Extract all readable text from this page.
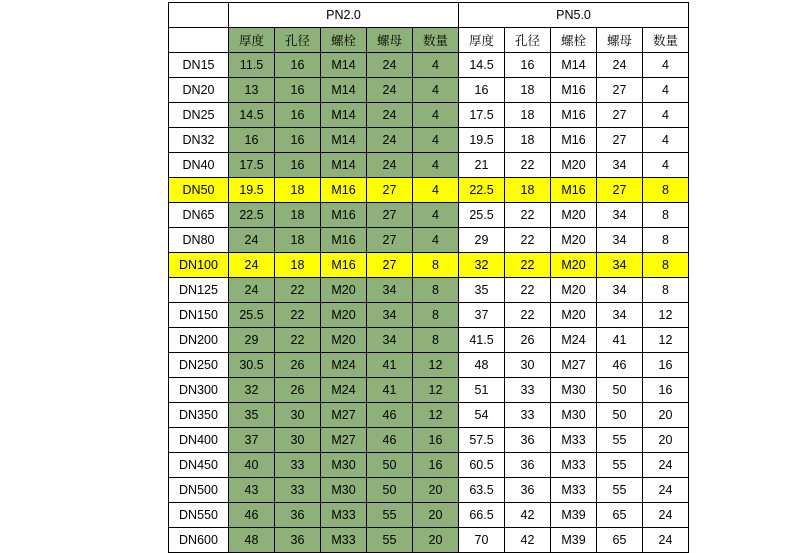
	PN2.0					PN5.0				
	厚度	孔径	螺栓	螺母	数量	厚度	孔径	螺栓	螺母	数量
DN15	11.5	16	M14	24	4	14.5	16	M14	24	4
DN20	13	16	M14	24	4	16	18	M16	27	4
DN25	14.5	16	M14	24	4	17.5	18	M16	27	4
DN32	16	16	M14	24	4	19.5	18	M16	27	4
DN40	17.5	16	M14	24	4	21	22	M20	34	4
DN50	19.5	18	M16	27	4	22.5	18	M16	27	8
DN65	22.5	18	M16	27	4	25.5	22	M20	34	8
DN80	24	18	M16	27	4	29	22	M20	34	8
DN100	24	18	M16	27	8	32	22	M20	34	8
DN125	24	22	M20	34	8	35	22	M20	34	8
DN150	25.5	22	M20	34	8	37	22	M20	34	12
DN200	29	22	M20	34	8	41.5	26	M24	41	12
DN250	30.5	26	M24	41	12	48	30	M27	46	16
DN300	32	26	M24	41	12	51	33	M30	50	16
DN350	35	30	M27	46	12	54	33	M30	50	20
DN400	37	30	M27	46	16	57.5	36	M33	55	20
DN450	40	33	M30	50	16	60.5	36	M33	55	24
DN500	43	33	M30	50	20	63.5	36	M33	55	24
DN550	46	36	M33	55	20	66.5	42	M39	65	24
DN600	48	36	M33	55	20	70	42	M39	65	24
